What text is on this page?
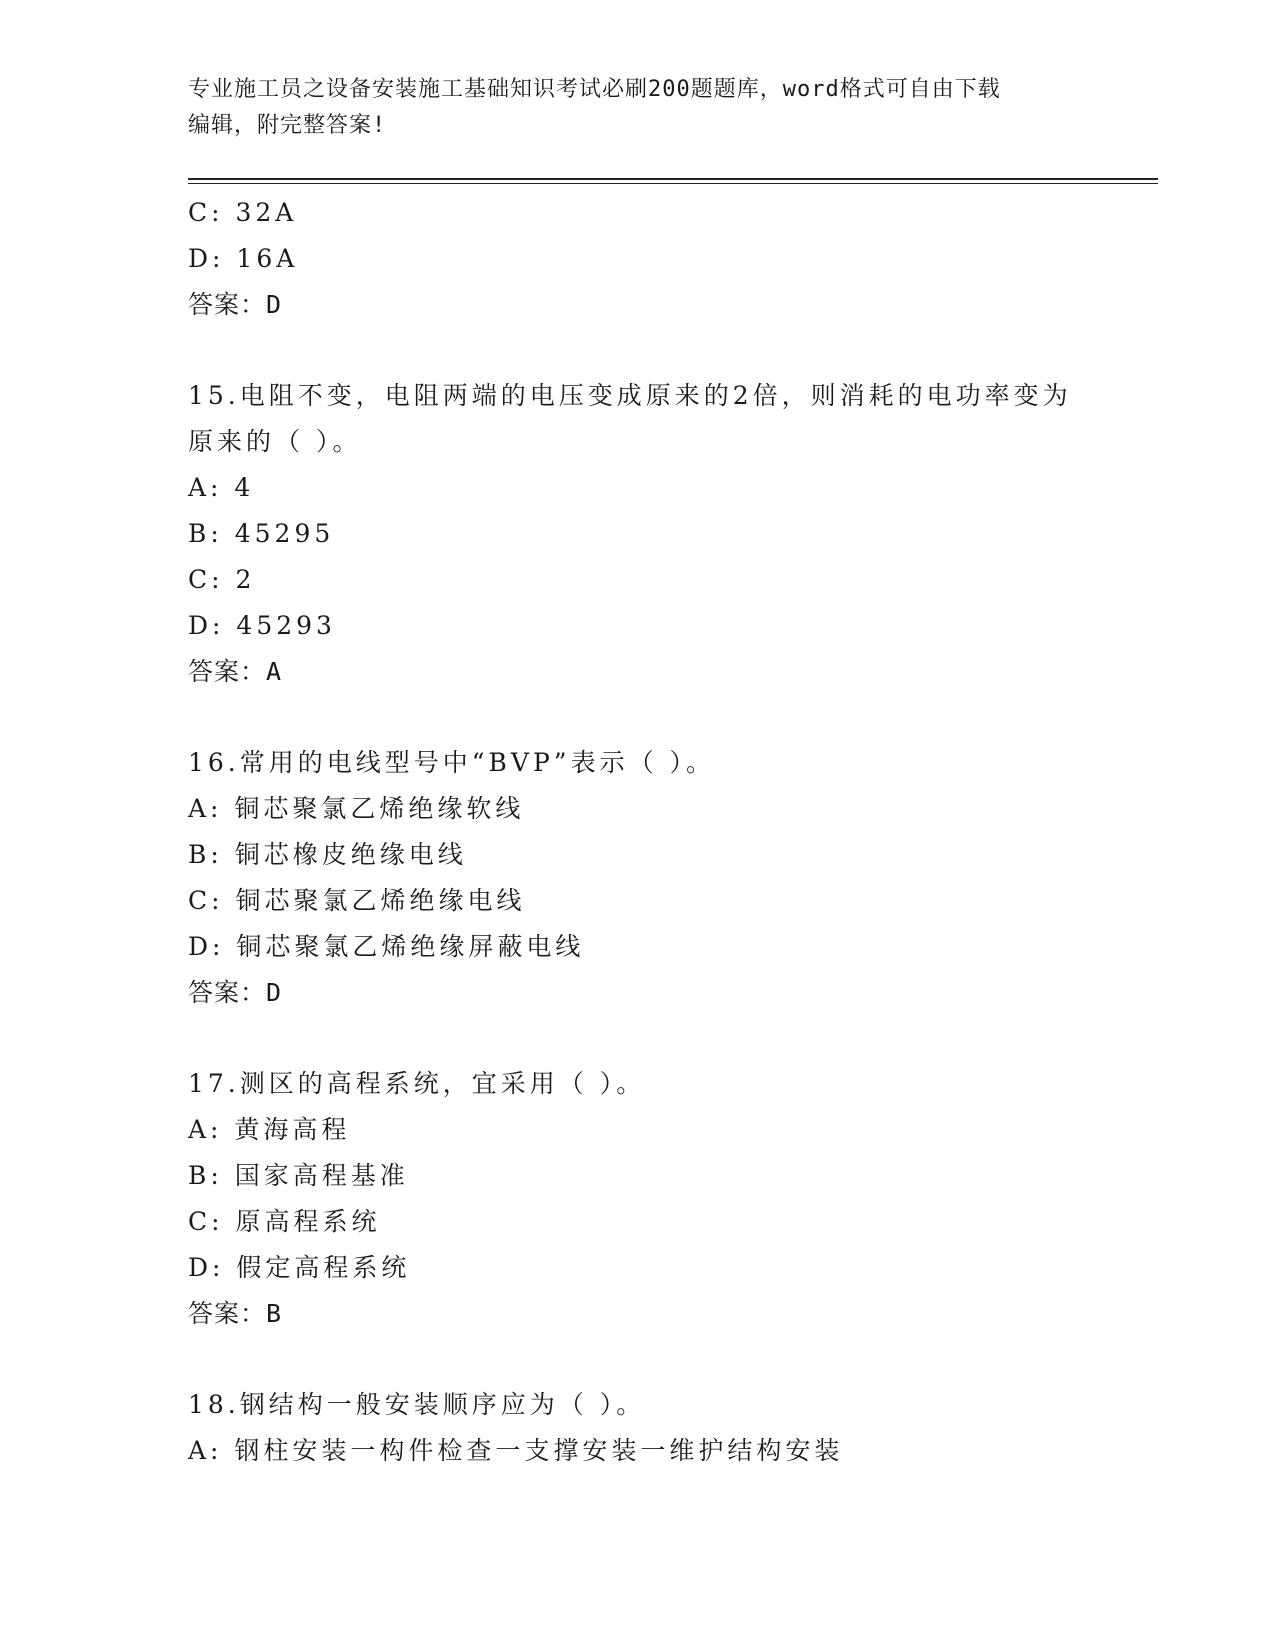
专业施工员之设备安装施工基础知识考试必刷200题题库，word格式可自由下载
编辑，附完整答案!
C: 32A
D: 16A
答案：D
15.电阻不变，电阻两端的电压变成原来的2倍，则消耗的电功率变为
原来的（ ）。
A: 4
B: 45295
C: 2
D: 45293
答案：A
16.常用的电线型号中“BVP”表示（ ）。
A: 铜芯聚氯乙烯绝缘软线
B: 铜芯橡皮绝缘电线
C: 铜芯聚氯乙烯绝缘电线
D: 铜芯聚氯乙烯绝缘屏蔽电线
答案：D
17.测区的高程系统，宜采用（ ）。
A: 黄海高程
B: 国家高程基准
C: 原高程系统
D: 假定高程系统
答案：B
18.钢结构一般安装顺序应为（ ）。
A: 钢柱安装一构件检查一支撑安装一维护结构安装
